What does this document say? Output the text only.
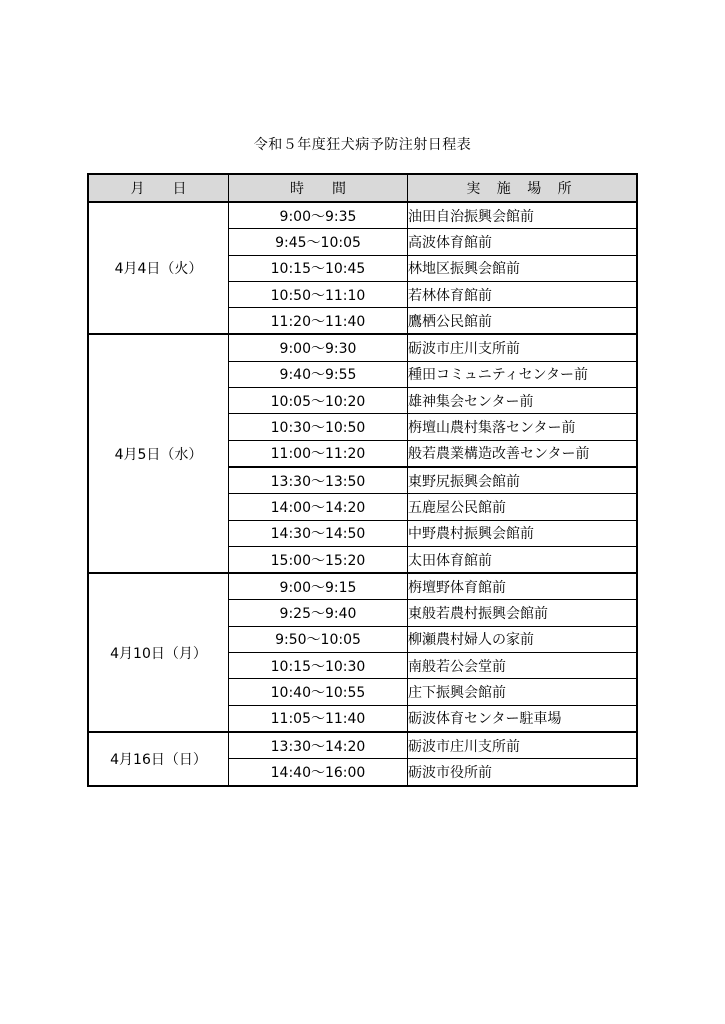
令和５年度狂犬病予防注射日程表
月　　日	時　　間	実 施 場 所
4月4日（火）	9:00～9:35	油田自治振興会館前
	9:45～10:05	高波体育館前
	10:15～10:45	林地区振興会館前
	10:50～11:10	若林体育館前
	11:20～11:40	鷹栖公民館前
4月5日（水）	9:00～9:30	砺波市庄川支所前
	9:40～9:55	種田コミュニティセンター前
	10:05～10:20	雄神集会センター前
	10:30～10:50	栴壇山農村集落センター前
	11:00～11:20	般若農業構造改善センター前
	13:30～13:50	東野尻振興会館前
	14:00～14:20	五鹿屋公民館前
	14:30～14:50	中野農村振興会館前
	15:00～15:20	太田体育館前
4月10日（月）	9:00～9:15	栴壇野体育館前
	9:25～9:40	東般若農村振興会館前
	9:50～10:05	柳瀬農村婦人の家前
	10:15～10:30	南般若公会堂前
	10:40～10:55	庄下振興会館前
	11:05～11:40	砺波体育センター駐車場
4月16日（日）	13:30～14:20	砺波市庄川支所前
	14:40～16:00	砺波市役所前
